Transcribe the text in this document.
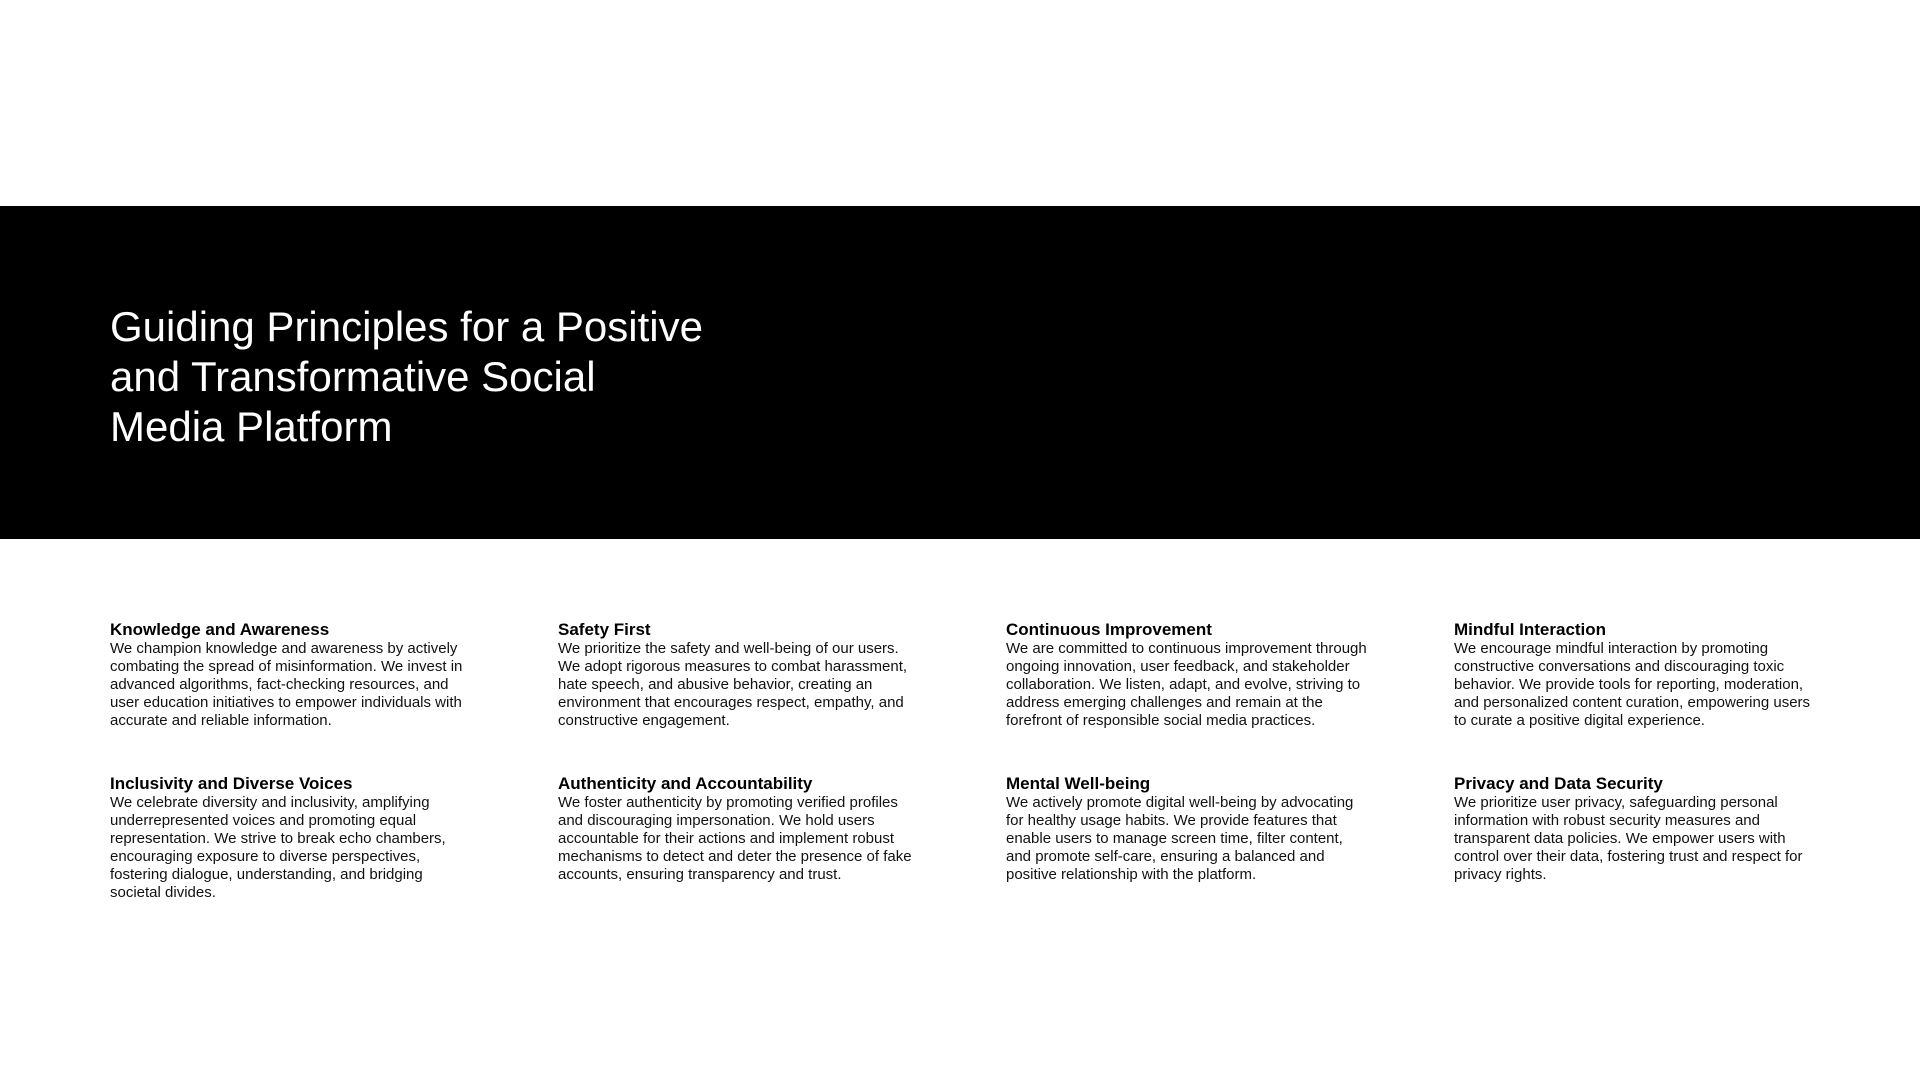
Guiding Principles for a Positive and Transformative Social Media Platform
Knowledge and Awareness

We champion knowledge and awareness by actively combating the spread of misinformation. We invest in advanced algorithms, fact-checking resources, and user education initiatives to empower individuals with accurate and reliable information.

Safety First

We prioritize the safety and well-being of our users. We adopt rigorous measures to combat harassment, hate speech, and abusive behavior, creating an environment that encourages respect, empathy, and constructive engagement.

Continuous Improvement

We are committed to continuous improvement through ongoing innovation, user feedback, and stakeholder collaboration. We listen, adapt, and evolve, striving to address emerging challenges and remain at the forefront of responsible social media practices.

Mindful Interaction

We encourage mindful interaction by promoting constructive conversations and discouraging toxic behavior. We provide tools for reporting, moderation, and personalized content curation, empowering users to curate a positive digital experience.

Inclusivity and Diverse Voices

We celebrate diversity and inclusivity, amplifying underrepresented voices and promoting equal representation. We strive to break echo chambers, encouraging exposure to diverse perspectives, fostering dialogue, understanding, and bridging societal divides.

Authenticity and Accountability

We foster authenticity by promoting verified profiles and discouraging impersonation. We hold users accountable for their actions and implement robust mechanisms to detect and deter the presence of fake accounts, ensuring transparency and trust.

Mental Well-being

We actively promote digital well-being by advocating for healthy usage habits. We provide features that enable users to manage screen time, filter content, and promote self-care, ensuring a balanced and positive relationship with the platform.

Privacy and Data Security

We prioritize user privacy, safeguarding personal information with robust security measures and transparent data policies. We empower users with control over their data, fostering trust and respect for privacy rights.
